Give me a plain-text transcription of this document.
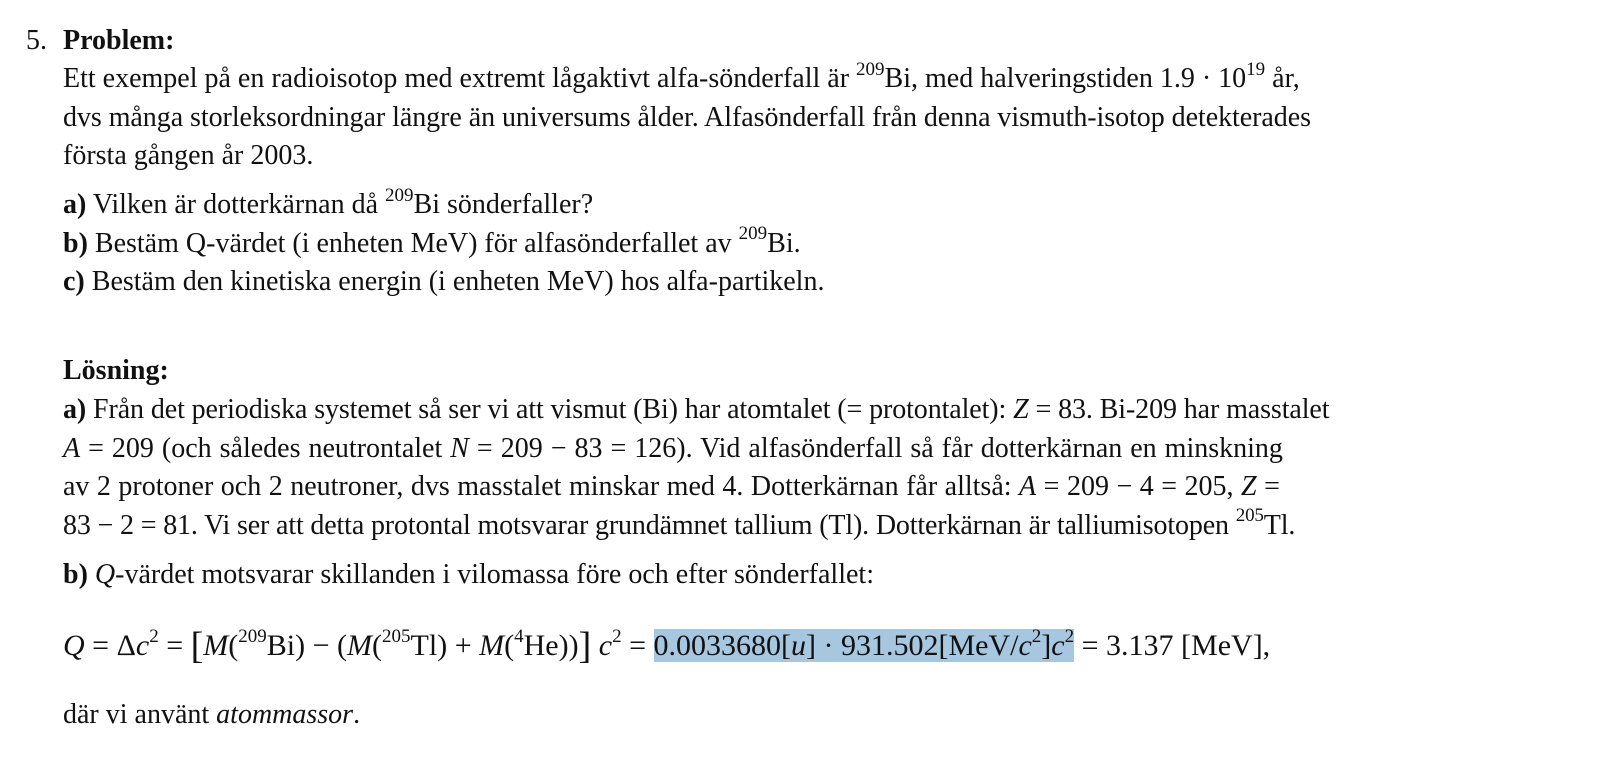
5. Problem:
Ett exempel på en radioisotop med extremt lågaktivt alfa-sönderfall är $^{209}$Bi, med halveringstiden $1.9 \cdot 10^{19}$ år,
dvs många storleksordningar längre än universums ålder. Alfasönderfall från denna vismuth-isotop detekterades
första gången år 2003.
a) Vilken är dotterkärnan då $^{209}$Bi sönderfaller?
b) Bestäm Q-värdet (i enheten MeV) för alfasönderfallet av $^{209}$Bi.
c) Bestäm den kinetiska energin (i enheten MeV) hos alfa-partikeln.
Lösning:
a) Från det periodiska systemet så ser vi att vismut (Bi) har atomtalet (= protontalet): Z = 83. Bi-209 har masstalet
A = 209 (och således neutrontalet N = 209 − 83 = 126). Vid alfasönderfall så får dotterkärnan en minskning
av 2 protoner och 2 neutroner, dvs masstalet minskar med 4. Dotterkärnan får alltså: A = 209 − 4 = 205, Z =
83 − 2 = 81. Vi ser att detta protontal motsvarar grundämnet tallium (Tl). Dotterkärnan är talliumisotopen $^{205}$Tl.
b) Q-värdet motsvarar skillanden i vilomassa före och efter sönderfallet:
$Q = \Delta c^2 = [M(^{209}Bi) - (M(^{205}Tl) + M(^4He))] c^2 = 0.0033680[u] \cdot 931.502[MeV/c^2]c^2 = 3.137$ [MeV],
där vi använt atommassor.
